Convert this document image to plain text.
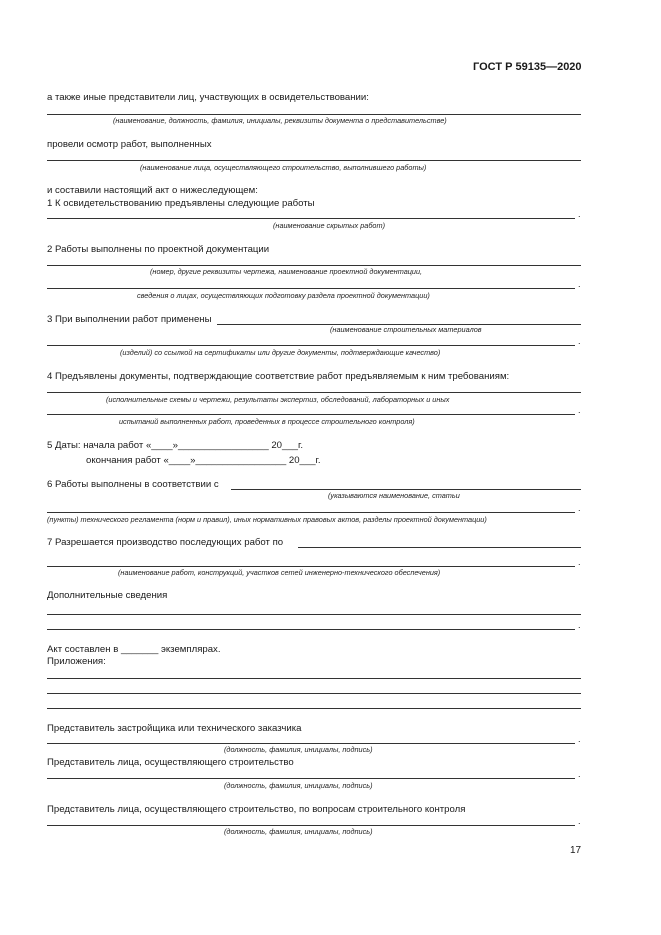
ГОСТ Р 59135—2020
а также иные представители лиц, участвующих в освидетельствовании:
(наименование, должность, фамилия, инициалы, реквизиты документа о представительстве)
провели осмотр работ, выполненных
(наименование лица, осуществляющего строительство, выполнившего работы)
и составили настоящий акт о нижеследующем:
1 К освидетельствованию предъявлены следующие работы
.
(наименование скрытых работ)
2 Работы выполнены по проектной документации
(номер, другие реквизиты чертежа, наименование проектной документации,
.
сведения о лицах, осуществляющих подготовку раздела проектной документации)
3 При выполнении работ применены
(наименование строительных материалов
.
(изделий) со ссылкой на сертификаты или другие документы, подтверждающие качество)
4 Предъявлены документы, подтверждающие соответствие работ предъявляемым к ним требованиям:
(исполнительные схемы и чертежи, результаты экспертиз, обследований, лабораторных и иных
.
испытаний выполненных работ, проведенных в процессе строительного контроля)
5 Даты: начала работ «____»_________________ 20___г.
окончания работ «____»_________________ 20___г.
6 Работы выполнены в соответствии с
(указываются наименование, статьи
.
(пункты) технического регламента (норм и правил), иных нормативных правовых актов, разделы проектной документации)
7 Разрешается производство последующих работ по
.
(наименование работ, конструкций, участков сетей инженерно-технического обеспечения)
Дополнительные сведения
.
Акт составлен в _______ экземплярах.
Приложения:
Представитель застройщика или технического заказчика
.
(должность, фамилия, инициалы, подпись)
Представитель лица, осуществляющего строительство
.
(должность, фамилия, инициалы, подпись)
Представитель лица, осуществляющего строительство, по вопросам строительного контроля
.
(должность, фамилия, инициалы, подпись)
17
